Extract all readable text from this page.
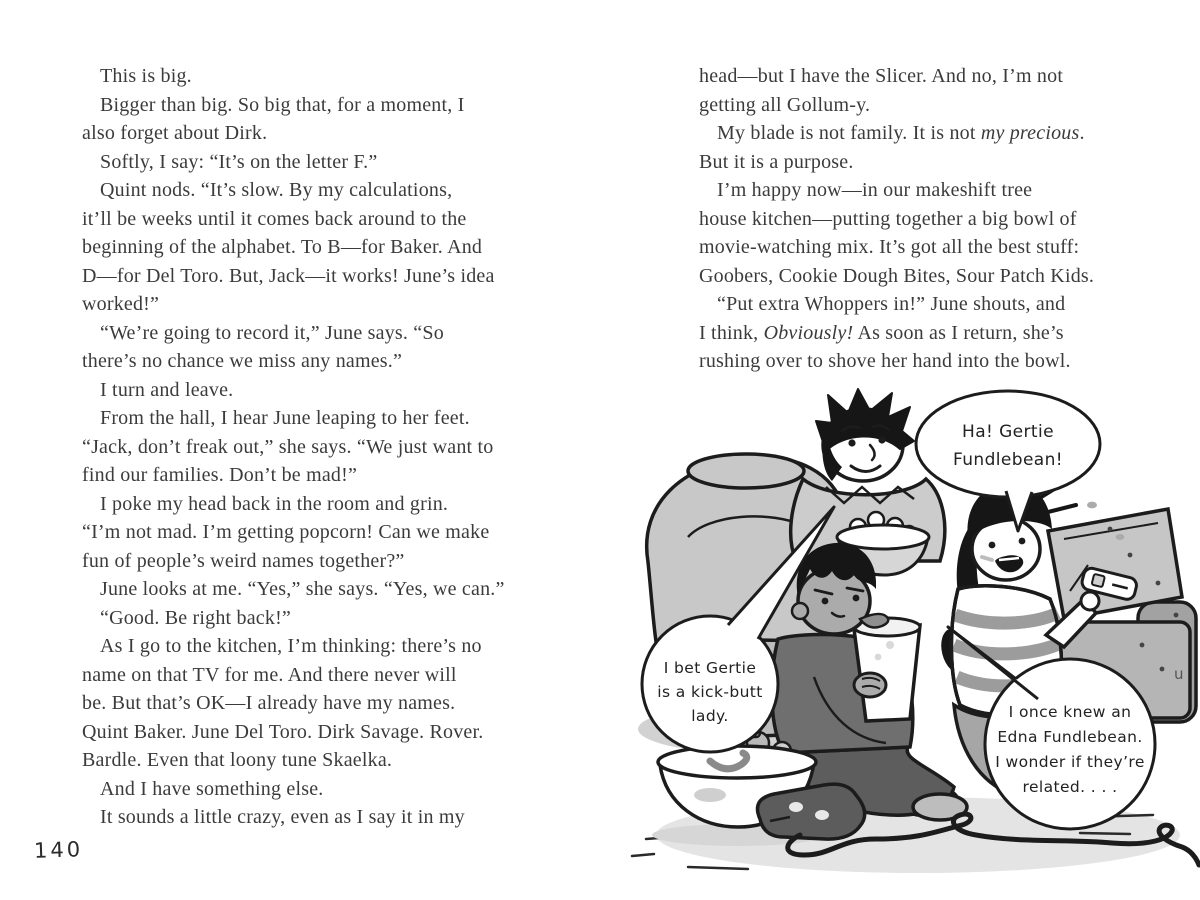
This is big.
Bigger than big. So big that, for a moment, I
also forget about Dirk.
Softly, I say: “It’s on the letter F.”
Quint nods. “It’s slow. By my calculations,
it’ll be weeks until it comes back around to the
beginning of the alphabet. To B—for Baker. And
D—for Del Toro. But, Jack—it works! June’s idea
worked!”
“We’re going to record it,” June says. “So
there’s no chance we miss any names.”
I turn and leave.
From the hall, I hear June leaping to her feet.
“Jack, don’t freak out,” she says. “We just want to
find our families. Don’t be mad!”
I poke my head back in the room and grin.
“I’m not mad. I’m getting popcorn! Can we make
fun of people’s weird names together?”
June looks at me. “Yes,” she says. “Yes, we can.”
“Good. Be right back!”
As I go to the kitchen, I’m thinking: there’s no
name on that TV for me. And there never will
be. But that’s OK—I already have my names.
Quint Baker. June Del Toro. Dirk Savage. Rover.
Bardle. Even that loony tune Skaelka.
And I have something else.
It sounds a little crazy, even as I say it in my
head—but I have the Slicer. And no, I’m not
getting all Gollum-y.
My blade is not family. It is not my precious.
But it is a purpose.
I’m happy now—in our makeshift tree
house kitchen—putting together a big bowl of
movie-watching mix. It’s got all the best stuff:
Goobers, Cookie Dough Bites, Sour Patch Kids.
“Put extra Whoppers in!” June shouts, and
I think, Obviously! As soon as I return, she’s
rushing over to shove her hand into the bowl.
140
u
Ha! Gertie
Fundlebean!
I bet Gertie
is a kick-butt
lady.	I once knew an
Edna Fundlebean.
I wonder if they’re
related. . . .
